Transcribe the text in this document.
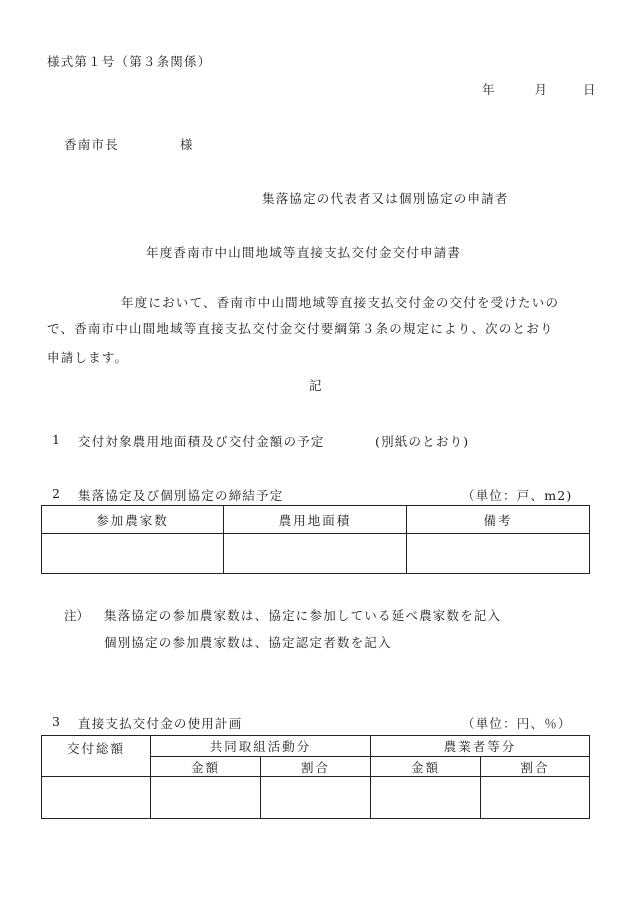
様式第１号（第３条関係）
年	月	日
香南市長	様
集落協定の代表者又は個別協定の申請者
年度香南市中山間地域等直接支払交付金交付申請書
年度において、香南市中山間地域等直接支払交付金の交付を受けたいの
で、香南市中山間地域等直接支払交付金交付要綱第３条の規定により、次のとおり
申請します。
記
1 交付対象農用地面積及び交付金額の予定	(別紙のとおり)
2 集落協定及び個別協定の締結予定	（単位：戸、m2)
参加農家数	農用地面積	備考

注） 集落協定の参加農家数は、協定に参加している延べ農家数を記入
個別協定の参加農家数は、協定認定者数を記入
3 直接支払交付金の使用計画	（単位：円、％）
交付総額	共同取組活動分		農業者等分	
	金額	割合	金額	割合
